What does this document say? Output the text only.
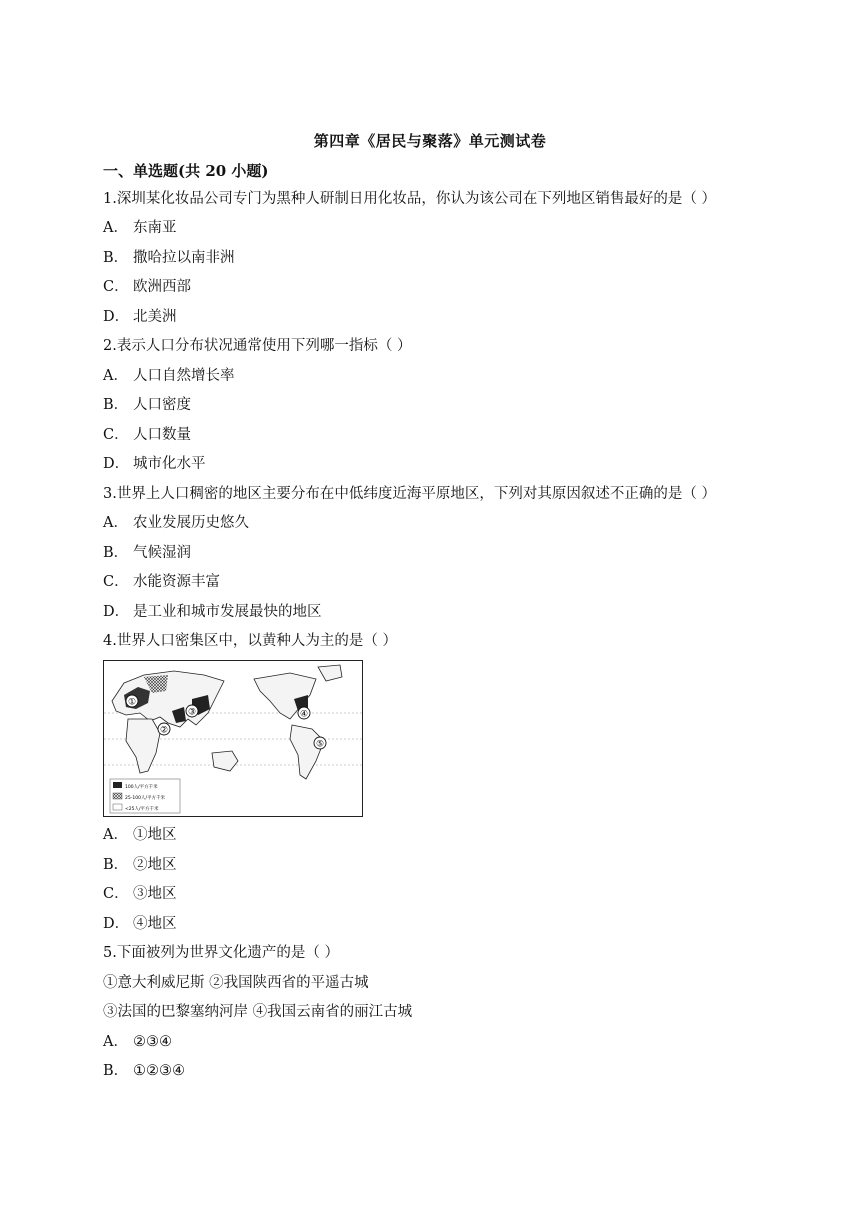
第四章《居民与聚落》单元测试卷
一、单选题(共 20 小题)
1.深圳某化妆品公司专门为黑种人研制日用化妆品，你认为该公司在下列地区销售最好的是（ ）
A． 东南亚
B． 撒哈拉以南非洲
C． 欧洲西部
D． 北美洲
2.表示人口分布状况通常使用下列哪一指标（ ）
A． 人口自然增长率
B． 人口密度
C． 人口数量
D． 城市化水平
3.世界上人口稠密的地区主要分布在中低纬度近海平原地区，下列对其原因叙述不正确的是（ ）
A． 农业发展历史悠久
B． 气候湿润
C． 水能资源丰富
D． 是工业和城市发展最快的地区
4.世界人口密集区中，以黄种人为主的是（ ）
①
②
③	④
⑤
100人/平方千米
25-100人/平方千米
<25人/平方千米
A． ①地区
B． ②地区
C． ③地区
D． ④地区
5.下面被列为世界文化遗产的是（ ）
①意大利威尼斯 ②我国陕西省的平遥古城
③法国的巴黎塞纳河岸 ④我国云南省的丽江古城
A． ②③④
B． ①②③④
